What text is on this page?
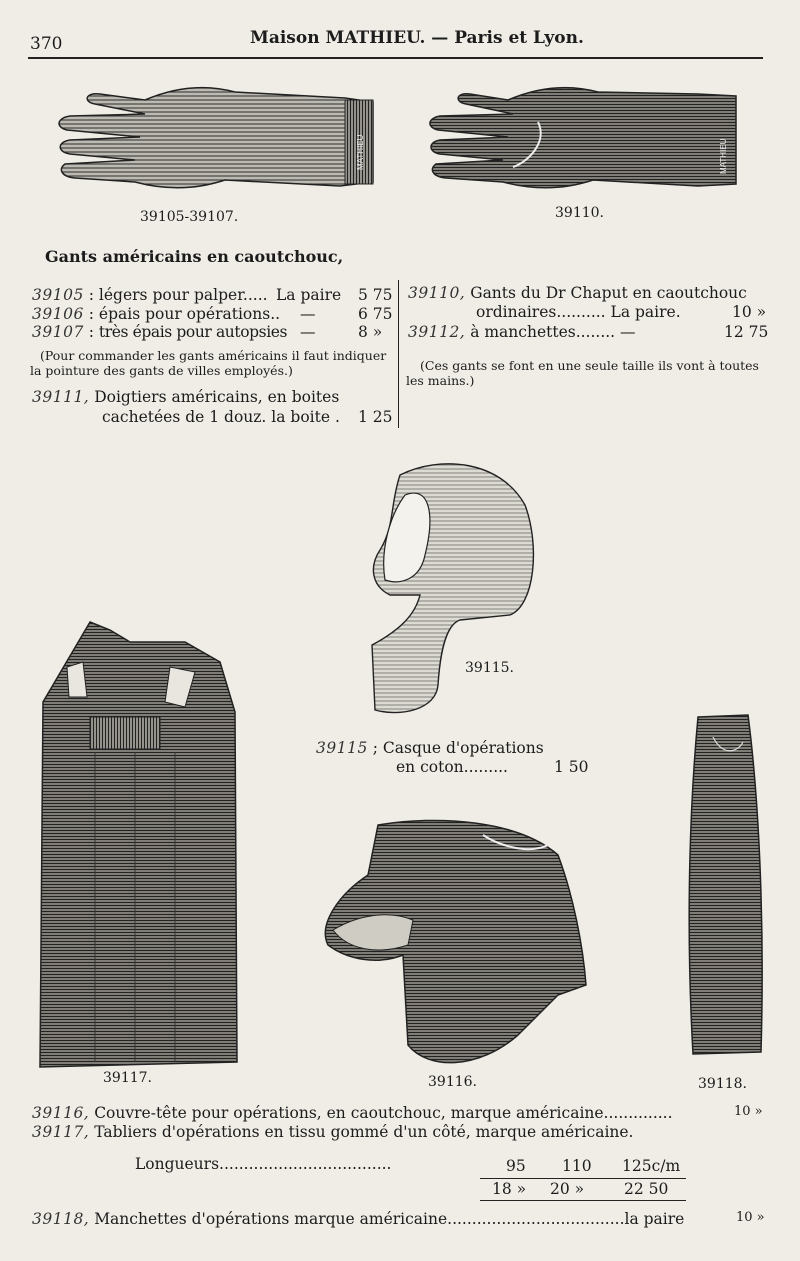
370	Maison MATHIEU. — Paris et Lyon.
MATHIEU
39105-39107.
MATHIEU
39110.
Gants américains en caoutchouc,
39105 : légers pour palper..... La paire 5 75
39106 : épais pour opérations.. —	6 75
39107 : très épais pour autopsies —	8 »
(Pour commander les gants américains il faut indiquer la pointure des gants de villes employés.)
39111, Doigtiers américains, en boites
cachetées de 1 douz. la boite . 1 25
39110, Gants du Dr Chaput en caoutchouc
ordinaires.......... La paire.	10 »
39112, à manchettes........ —	12 75
(Ces gants se font en une seule taille ils vont à toutes les mains.)
39115.
39117.
39115 ; Casque d'opérations
en coton.........	1 50
39116.	39118.
39116, Couvre-tête pour opérations, en caoutchouc, marque américaine..............	10 »
39117, Tabliers d'opérations en tissu gommé d'un côté, marque américaine.
Longueurs...................................	95 110 125c/m
18 » 20 »	22 50
39118, Manchettes d'opérations marque américaine....................................la paire	10 »
